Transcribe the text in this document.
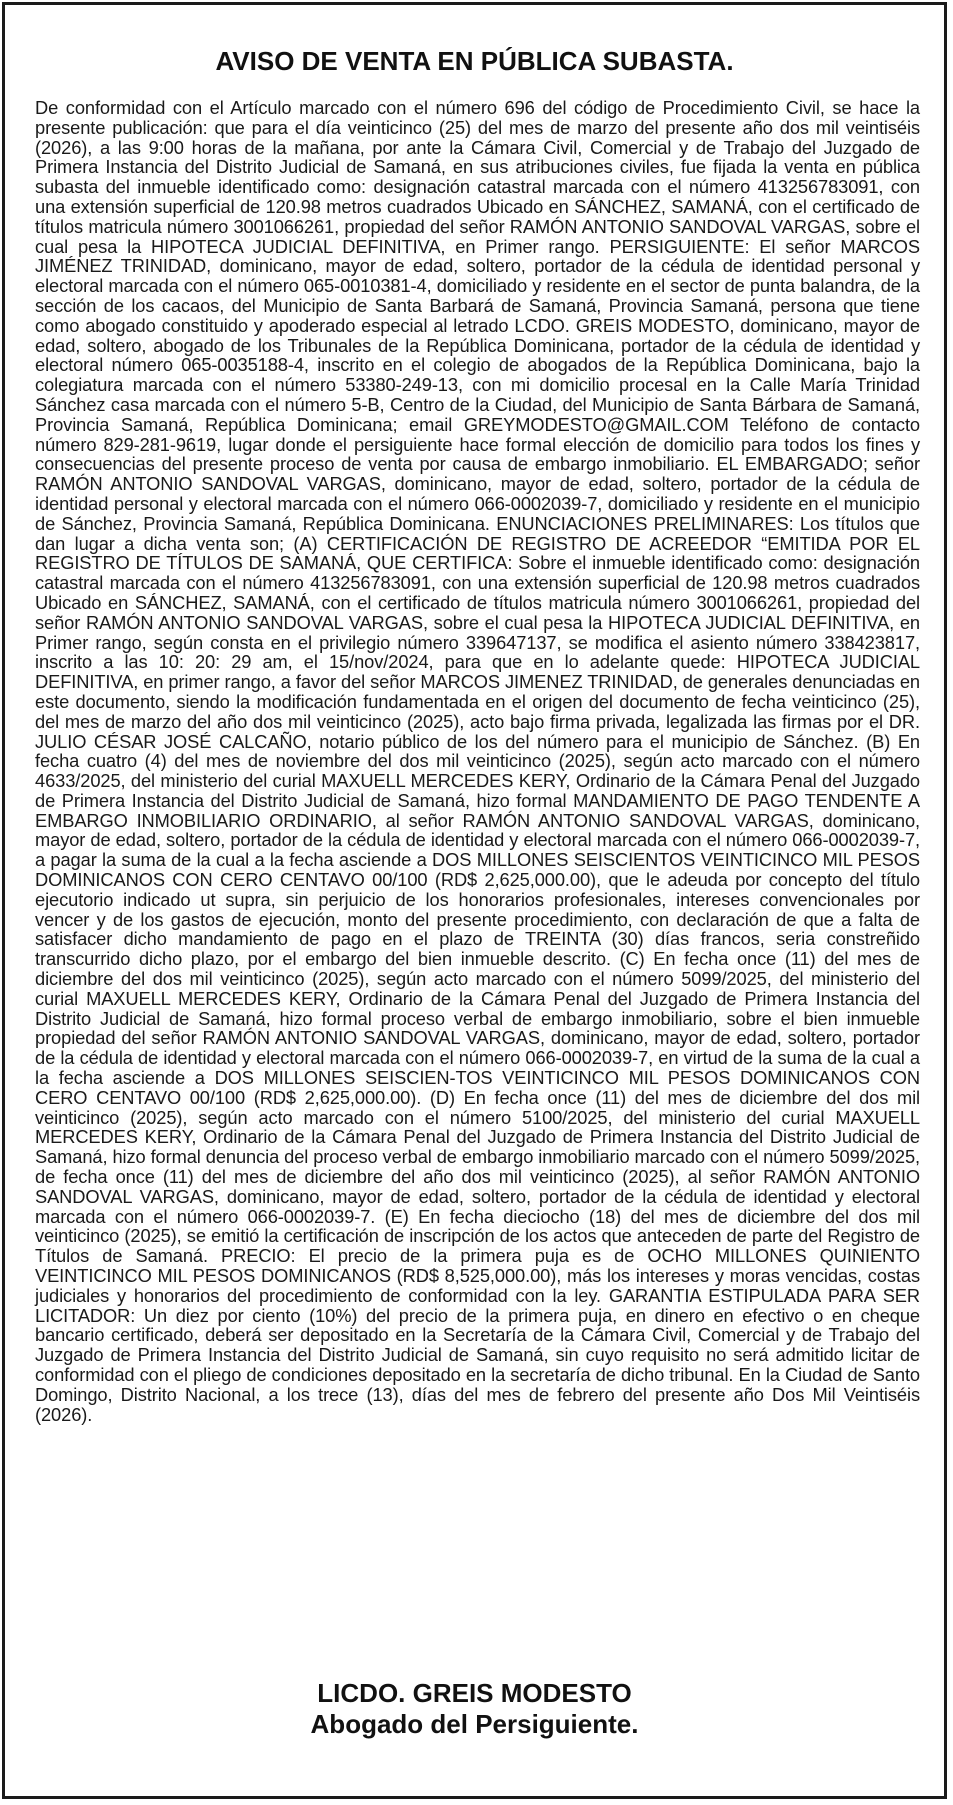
AVISO DE VENTA EN PÚBLICA SUBASTA.

De conformidad con el Artículo marcado con el número 696 del código de Procedimiento Civil, se hace la presente publicación: que para el día veinticinco (25) del mes de marzo del presente año dos mil veintiséis (2026), a las 9:00 horas de la mañana, por ante la Cámara Civil, Comercial y de Trabajo del Juzgado de Primera Instancia del Distrito Judicial de Samaná, en sus atribuciones civiles, fue fijada la venta en pública subasta del inmueble identificado como: designación catastral marcada con el número 413256783091, con una extensión superficial de 120.98 metros cuadrados Ubicado en SÁNCHEZ, SAMANÁ, con el certificado de títulos matricula número 3001066261, propiedad del señor RAMÓN ANTONIO SANDOVAL VARGAS, sobre el cual pesa la HIPOTECA JUDICIAL DEFINITIVA, en Primer rango. PERSIGUIENTE: El señor MARCOS JIMÉNEZ TRINIDAD, dominicano, mayor de edad, soltero, portador de la cédula de identidad personal y electoral marcada con el número 065-0010381-4, domiciliado y residente en el sector de punta balandra, de la sección de los cacaos, del Municipio de Santa Barbará de Samaná, Provincia Samaná, persona que tiene como abogado constituido y apoderado especial al letrado LCDO. GREIS MODESTO, dominicano, mayor de edad, soltero, abogado de los Tribunales de la República Dominicana, portador de la cédula de identidad y electoral número 065-0035188-4, inscrito en el colegio de abogados de la República Dominicana, bajo la colegiatura marcada con el número 53380-249-13, con mi domicilio procesal en la Calle María Trinidad Sánchez casa marcada con el número 5-B, Centro de la Ciudad, del Municipio de Santa Bárbara de Samaná, Provincia Samaná, República Dominicana; email GREYMODESTO@GMAIL.COM Teléfono de contacto número 829-281-9619, lugar donde el persiguiente hace formal elección de domicilio para todos los fines y consecuencias del presente proceso de venta por causa de embargo inmobiliario. EL EMBARGADO; señor RAMÓN ANTONIO SANDOVAL VARGAS, dominicano, mayor de edad, soltero, portador de la cédula de identidad personal y electoral marcada con el número 066-0002039-7, domiciliado y residente en el municipio de Sánchez, Provincia Samaná, República Dominicana. ENUNCIACIONES PRELIMINARES: Los títulos que dan lugar a dicha venta son; (A) CERTIFICACIÓN DE REGISTRO DE ACREEDOR “EMITIDA POR EL REGISTRO DE TÍTULOS DE SAMANÁ, QUE CERTIFICA: Sobre el inmueble identificado como: designación catastral marcada con el número 413256783091, con una extensión superficial de 120.98 metros cuadrados Ubicado en SÁNCHEZ, SAMANÁ, con el certificado de títulos matricula número 3001066261, propiedad del señor RAMÓN ANTONIO SANDOVAL VARGAS, sobre el cual pesa la HIPOTECA JUDICIAL DEFINITIVA, en Primer rango, según consta en el privilegio número 339647137, se modifica el asiento número 338423817, inscrito a las 10: 20: 29 am, el 15/nov/2024, para que en lo adelante quede: HIPOTECA JUDICIAL DEFINITIVA, en primer rango, a favor del señor MARCOS JIMENEZ TRINIDAD, de generales denunciadas en este documento, siendo la modificación fundamentada en el origen del documento de fecha veinticinco (25), del mes de marzo del año dos mil veinticinco (2025), acto bajo firma privada, legalizada las firmas por el DR. JULIO CÉSAR JOSÉ CALCAÑO, notario público de los del número para el municipio de Sánchez. (B) En fecha cuatro (4) del mes de noviembre del dos mil veinticinco (2025), según acto marcado con el número 4633/2025, del ministerio del curial MAXUELL MERCEDES KERY, Ordinario de la Cámara Penal del Juzgado de Primera Instancia del Distrito Judicial de Samaná, hizo formal MANDAMIENTO DE PAGO TENDENTE A EMBARGO INMOBILIARIO ORDINARIO, al señor RAMÓN ANTONIO SANDOVAL VARGAS, dominicano, mayor de edad, soltero, portador de la cédula de identidad y electoral marcada con el número 066-0002039-7, a pagar la suma de la cual a la fecha asciende a DOS MILLONES SEISCIENTOS VEINTICINCO MIL PESOS DOMINICANOS CON CERO CENTAVO 00/100 (RD$ 2,625,000.00), que le adeuda por concepto del título ejecutorio indicado ut supra, sin perjuicio de los honorarios profesionales, intereses convencionales por vencer y de los gastos de ejecución, monto del presente procedimiento, con declaración de que a falta de satisfacer dicho mandamiento de pago en el plazo de TREINTA (30) días francos, seria constreñido transcurrido dicho plazo, por el embargo del bien inmueble descrito. (C) En fecha once (11) del mes de diciembre del dos mil veinticinco (2025), según acto marcado con el número 5099/2025, del ministerio del curial MAXUELL MERCEDES KERY, Ordinario de la Cámara Penal del Juzgado de Primera Instancia del Distrito Judicial de Samaná, hizo formal proceso verbal de embargo inmobiliario, sobre el bien inmueble propiedad del señor RAMÓN ANTONIO SANDOVAL VARGAS, dominicano, mayor de edad, soltero, portador de la cédula de identidad y electoral marcada con el número 066-0002039-7, en virtud de la suma de la cual a la fecha asciende a DOS MILLONES SEISCIEN-TOS VEINTICINCO MIL PESOS DOMINICANOS CON CERO CENTAVO 00/100 (RD$ 2,625,000.00). (D) En fecha once (11) del mes de diciembre del dos mil veinticinco (2025), según acto marcado con el número 5100/2025, del ministerio del curial MAXUELL MERCEDES KERY, Ordinario de la Cámara Penal del Juzgado de Primera Instancia del Distrito Judicial de Samaná, hizo formal denuncia del proceso verbal de embargo inmobiliario marcado con el número 5099/2025, de fecha once (11) del mes de diciembre del año dos mil veinticinco (2025), al señor RAMÓN ANTONIO SANDOVAL VARGAS, dominicano, mayor de edad, soltero, portador de la cédula de identidad y electoral marcada con el número 066-0002039-7. (E) En fecha dieciocho (18) del mes de diciembre del dos mil veinticinco (2025), se emitió la certificación de inscripción de los actos que anteceden de parte del Registro de Títulos de Samaná. PRECIO: El precio de la primera puja es de OCHO MILLONES QUINIENTO VEINTICINCO MIL PESOS DOMINICANOS (RD$ 8,525,000.00), más los intereses y moras vencidas, costas judiciales y honorarios del procedimiento de conformidad con la ley. GARANTIA ESTIPULADA PARA SER LICITADOR: Un diez por ciento (10%) del precio de la primera puja, en dinero en efectivo o en cheque bancario certificado, deberá ser depositado en la Secretaría de la Cámara Civil, Comercial y de Trabajo del Juzgado de Primera Instancia del Distrito Judicial de Samaná, sin cuyo requisito no será admitido licitar de conformidad con el pliego de condiciones depositado en la secretaría de dicho tribunal. En la Ciudad de Santo Domingo, Distrito Nacional, a los trece (13), días del mes de febrero del presente año Dos Mil Veintiséis (2026).

LICDO. GREIS MODESTO
Abogado del Persiguiente.
